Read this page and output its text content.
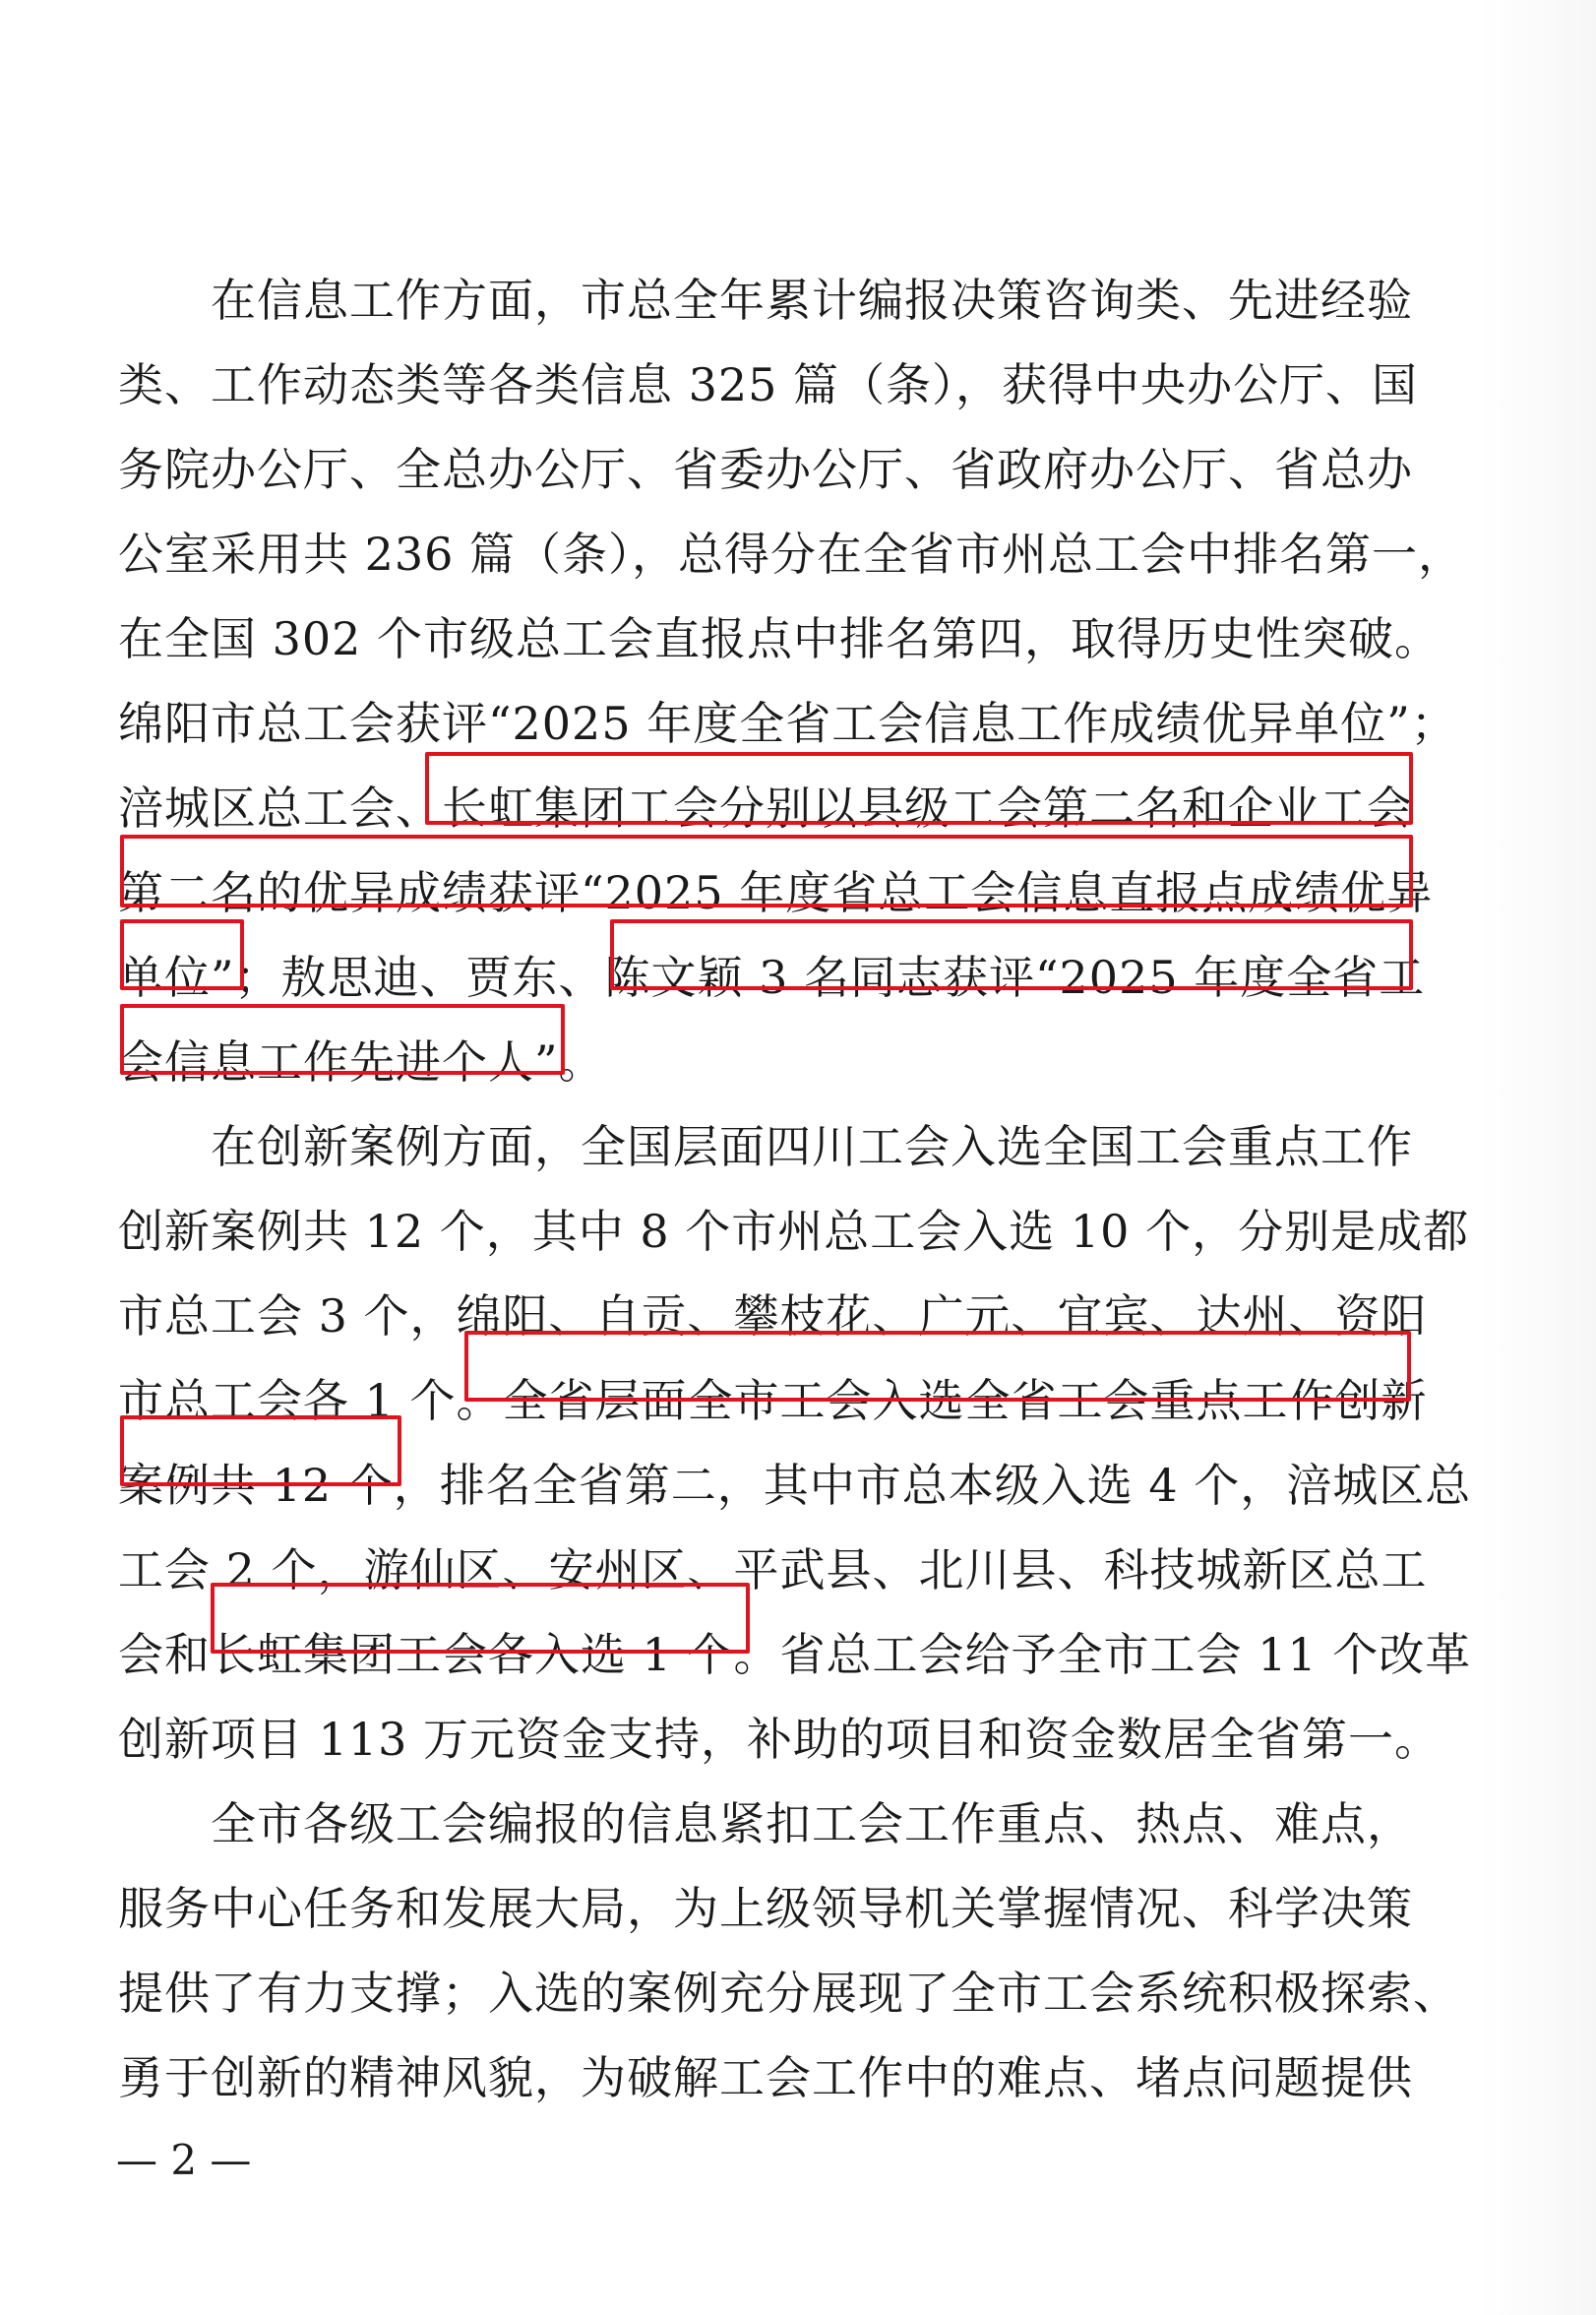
　　在信息工作方面，市总全年累计编报决策咨询类、先进经验
类、工作动态类等各类信息 325 篇（条），获得中央办公厅、国
务院办公厅、全总办公厅、省委办公厅、省政府办公厅、省总办
公室采用共 236 篇（条），总得分在全省市州总工会中排名第一，
在全国 302 个市级总工会直报点中排名第四，取得历史性突破。
绵阳市总工会获评“2025 年度全省工会信息工作成绩优异单位”；
涪城区总工会、长虹集团工会分别以县级工会第二名和企业工会
第二名的优异成绩获评“2025 年度省总工会信息直报点成绩优异
单位”；敖思迪、贾东、陈文颖 3 名同志获评“2025 年度全省工
会信息工作先进个人”。
　　在创新案例方面，全国层面四川工会入选全国工会重点工作
创新案例共 12 个，其中 8 个市州总工会入选 10 个，分别是成都
市总工会 3 个，绵阳、自贡、攀枝花、广元、宜宾、达州、资阳
市总工会各 1 个。全省层面全市工会入选全省工会重点工作创新
案例共 12 个，排名全省第二，其中市总本级入选 4 个，涪城区总
工会 2 个，游仙区、安州区、平武县、北川县、科技城新区总工
会和长虹集团工会各入选 1 个。省总工会给予全市工会 11 个改革
创新项目 113 万元资金支持，补助的项目和资金数居全省第一。
　　全市各级工会编报的信息紧扣工会工作重点、热点、难点，
服务中心任务和发展大局，为上级领导机关掌握情况、科学决策
提供了有力支撑；入选的案例充分展现了全市工会系统积极探索、
勇于创新的精神风貌，为破解工会工作中的难点、堵点问题提供
— 2 —
